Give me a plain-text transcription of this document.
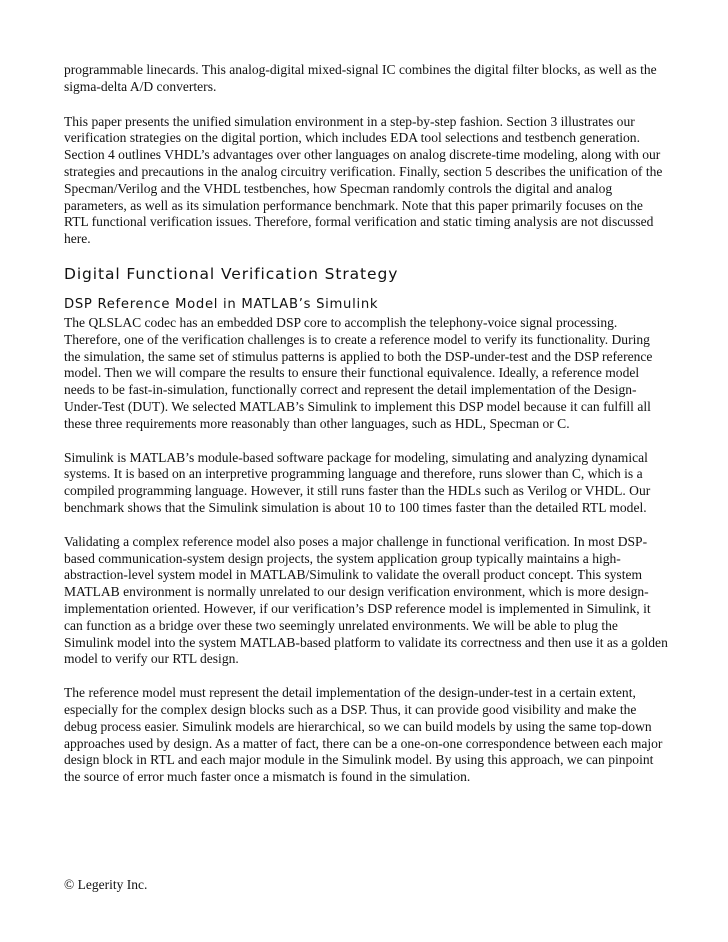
programmable linecards. This analog-digital mixed-signal IC combines the digital filter blocks, as well as the sigma-delta A/D converters.

This paper presents the unified simulation environment in a step-by-step fashion. Section 3 illustrates our verification strategies on the digital portion, which includes EDA tool selections and testbench generation. Section 4 outlines VHDL’s advantages over other languages on analog discrete-time modeling, along with our strategies and precautions in the analog circuitry verification. Finally, section 5 describes the unification of the Specman/Verilog and the VHDL testbenches, how Specman randomly controls the digital and analog parameters, as well as its simulation performance benchmark. Note that this paper primarily focuses on the RTL functional verification issues. Therefore, formal verification and static timing analysis are not discussed here.

Digital Functional Verification Strategy
DSP Reference Model in MATLAB’s Simulink

The QLSLAC codec has an embedded DSP core to accomplish the telephony-voice signal processing. Therefore, one of the verification challenges is to create a reference model to verify its functionality. During the simulation, the same set of stimulus patterns is applied to both the DSP-under-test and the DSP reference model. Then we will compare the results to ensure their functional equivalence. Ideally, a reference model needs to be fast-in-simulation, functionally correct and represent the detail implementation of the Design-Under-Test (DUT). We selected MATLAB’s Simulink to implement this DSP model because it can fulfill all these three requirements more reasonably than other languages, such as HDL, Specman or C.

Simulink is MATLAB’s module-based software package for modeling, simulating and analyzing dynamical systems. It is based on an interpretive programming language and therefore, runs slower than C, which is a compiled programming language. However, it still runs faster than the HDLs such as Verilog or VHDL. Our benchmark shows that the Simulink simulation is about 10 to 100 times faster than the detailed RTL model.

Validating a complex reference model also poses a major challenge in functional verification. In most DSP-based communication-system design projects, the system application group typically maintains a high-abstraction-level system model in MATLAB/Simulink to validate the overall product concept. This system MATLAB environment is normally unrelated to our design verification environment, which is more design-implementation oriented. However, if our verification’s DSP reference model is implemented in Simulink, it can function as a bridge over these two seemingly unrelated environments. We will be able to plug the Simulink model into the system MATLAB-based platform to validate its correctness and then use it as a golden model to verify our RTL design.

The reference model must represent the detail implementation of the design-under-test in a certain extent, especially for the complex design blocks such as a DSP. Thus, it can provide good visibility and make the debug process easier. Simulink models are hierarchical, so we can build models by using the same top-down approaches used by design. As a matter of fact, there can be a one-on-one correspondence between each major design block in RTL and each major module in the Simulink model. By using this approach, we can pinpoint the source of error much faster once a mismatch is found in the simulation.

© Legerity Inc.
